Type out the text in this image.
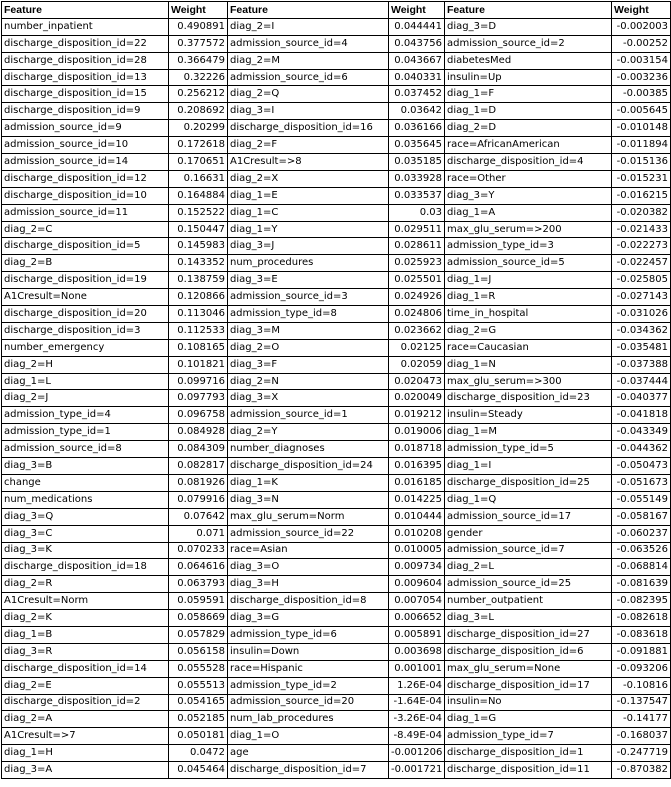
Feature	Weight	Feature	Weight	Feature	Weight
number_inpatient	0.490891	diag_2=I	0.044441	diag_3=D	-0.002003
discharge_disposition_id=22	0.377572	admission_source_id=4	0.043756	admission_source_id=2	-0.00252
discharge_disposition_id=28	0.366479	diag_2=M	0.043667	diabetesMed	-0.003154
discharge_disposition_id=13	0.32226	admission_source_id=6	0.040331	insulin=Up	-0.003236
discharge_disposition_id=15	0.256212	diag_2=Q	0.037452	diag_1=F	-0.00385
discharge_disposition_id=9	0.208692	diag_3=I	0.03642	diag_1=D	-0.005645
admission_source_id=9	0.20299	discharge_disposition_id=16	0.036166	diag_2=D	-0.010148
admission_source_id=10	0.172618	diag_2=F	0.035645	race=AfricanAmerican	-0.011894
admission_source_id=14	0.170651	A1Cresult=>8	0.035185	discharge_disposition_id=4	-0.015136
discharge_disposition_id=12	0.16631	diag_2=X	0.033928	race=Other	-0.015231
discharge_disposition_id=10	0.164884	diag_1=E	0.033537	diag_3=Y	-0.016215
admission_source_id=11	0.152522	diag_1=C	0.03	diag_1=A	-0.020382
diag_2=C	0.150447	diag_1=Y	0.029511	max_glu_serum=>200	-0.021433
discharge_disposition_id=5	0.145983	diag_3=J	0.028611	admission_type_id=3	-0.022273
diag_2=B	0.143352	num_procedures	0.025923	admission_source_id=5	-0.022457
discharge_disposition_id=19	0.138759	diag_3=E	0.025501	diag_1=J	-0.025805
A1Cresult=None	0.120866	admission_source_id=3	0.024926	diag_1=R	-0.027143
discharge_disposition_id=20	0.113046	admission_type_id=8	0.024806	time_in_hospital	-0.031026
discharge_disposition_id=3	0.112533	diag_3=M	0.023662	diag_2=G	-0.034362
number_emergency	0.108165	diag_2=O	0.02125	race=Caucasian	-0.035481
diag_2=H	0.101821	diag_3=F	0.02059	diag_1=N	-0.037388
diag_1=L	0.099716	diag_2=N	0.020473	max_glu_serum=>300	-0.037444
diag_2=J	0.097793	diag_3=X	0.020049	discharge_disposition_id=23	-0.040377
admission_type_id=4	0.096758	admission_source_id=1	0.019212	insulin=Steady	-0.041818
admission_type_id=1	0.084928	diag_2=Y	0.019006	diag_1=M	-0.043349
admission_source_id=8	0.084309	number_diagnoses	0.018718	admission_type_id=5	-0.044362
diag_3=B	0.082817	discharge_disposition_id=24	0.016395	diag_1=I	-0.050473
change	0.081926	diag_1=K	0.016185	discharge_disposition_id=25	-0.051673
num_medications	0.079916	diag_3=N	0.014225	diag_1=Q	-0.055149
diag_3=Q	0.07642	max_glu_serum=Norm	0.010444	admission_source_id=17	-0.058167
diag_3=C	0.071	admission_source_id=22	0.010208	gender	-0.060237
diag_3=K	0.070233	race=Asian	0.010005	admission_source_id=7	-0.063526
discharge_disposition_id=18	0.064616	diag_3=O	0.009734	diag_2=L	-0.068814
diag_2=R	0.063793	diag_3=H	0.009604	admission_source_id=25	-0.081639
A1Cresult=Norm	0.059591	discharge_disposition_id=8	0.007054	number_outpatient	-0.082395
diag_2=K	0.058669	diag_3=G	0.006652	diag_3=L	-0.082618
diag_1=B	0.057829	admission_type_id=6	0.005891	discharge_disposition_id=27	-0.083618
diag_3=R	0.056158	insulin=Down	0.003698	discharge_disposition_id=6	-0.091881
discharge_disposition_id=14	0.055528	race=Hispanic	0.001001	max_glu_serum=None	-0.093206
diag_2=E	0.055513	admission_type_id=2	1.26E-04	discharge_disposition_id=17	-0.10816
discharge_disposition_id=2	0.054165	admission_source_id=20	-1.64E-04	insulin=No	-0.137547
diag_2=A	0.052185	num_lab_procedures	-3.26E-04	diag_1=G	-0.14177
A1Cresult=>7	0.050181	diag_1=O	-8.49E-04	admission_type_id=7	-0.168037
diag_1=H	0.0472	age	-0.001206	discharge_disposition_id=1	-0.247719
diag_3=A	0.045464	discharge_disposition_id=7	-0.001721	discharge_disposition_id=11	-0.870382
